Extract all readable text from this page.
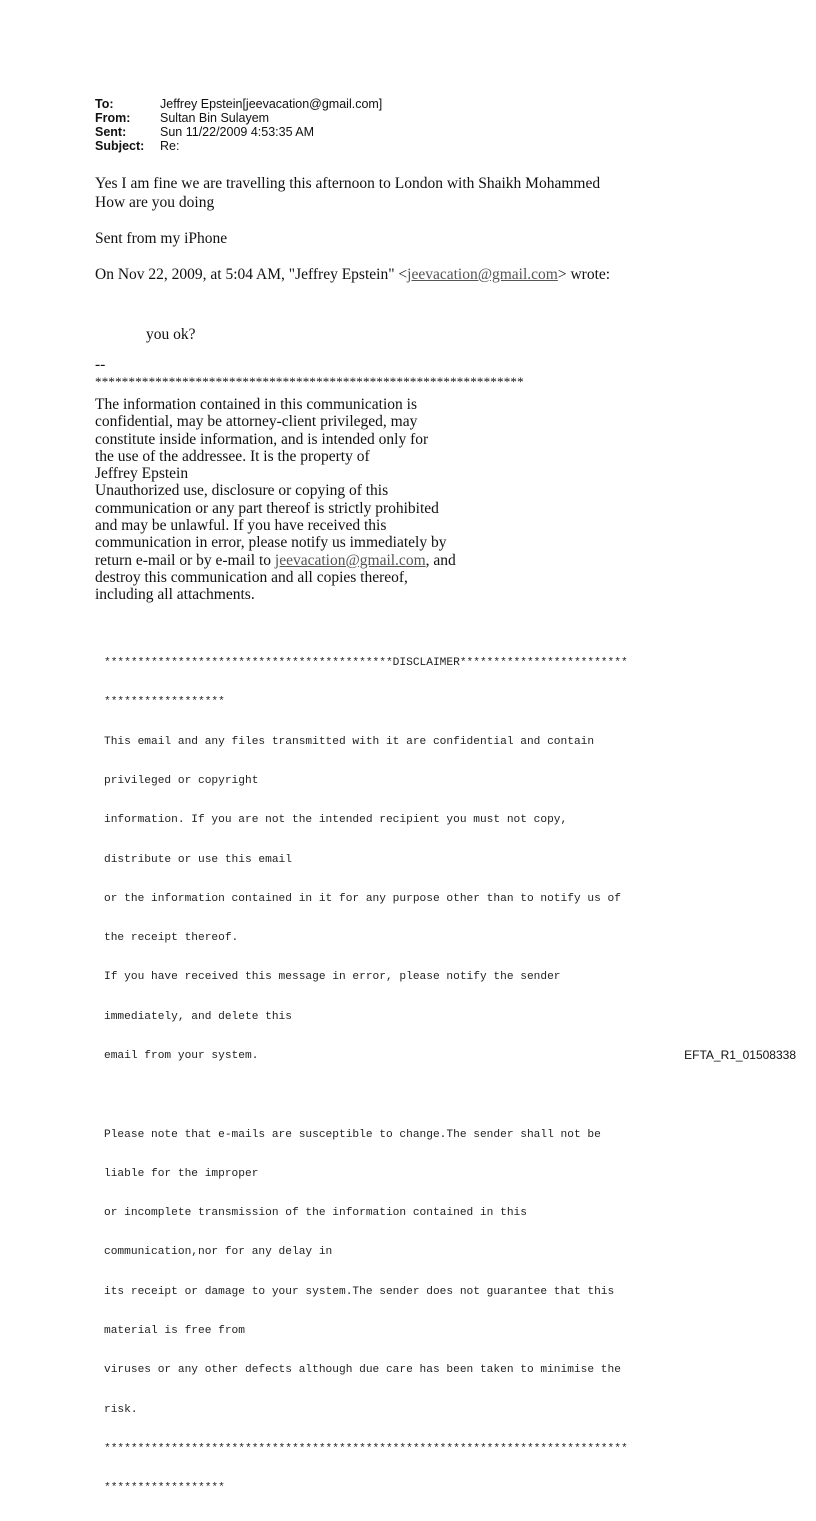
To:	Jeffrey Epstein[jeevacation@gmail.com]
From:	Sultan Bin Sulayem
Sent:	Sun 11/22/2009 4:53:35 AM
Subject:	Re:
Yes I am fine we are travelling this afternoon to London with Shaikh Mohammed
How are you doing
Sent from my iPhone
On Nov 22, 2009, at 5:04 AM, "Jeffrey Epstein" <jeevacation@gmail.com> wrote:
you ok?
--
****************************************************************
The information contained in this communication is
confidential, may be attorney-client privileged, may
constitute inside information, and is intended only for
the use of the addressee. It is the property of
Jeffrey Epstein
Unauthorized use, disclosure or copying of this
communication or any part thereof is strictly prohibited
and may be unlawful. If you have received this
communication in error, please notify us immediately by
return e-mail or by e-mail to jeevacation@gmail.com, and
destroy this communication and all copies thereof,
including all attachments.

*******************************************DISCLAIMER*************************

******************

This email and any files transmitted with it are confidential and contain

privileged or copyright

information. If you are not the intended recipient you must not copy,

distribute or use this email

or the information contained in it for any purpose other than to notify us of

the receipt thereof.

If you have received this message in error, please notify the sender

immediately, and delete this

email from your system.

Please note that e-mails are susceptible to change.The sender shall not be

liable for the improper

or incomplete transmission of the information contained in this

communication,nor for any delay in

its receipt or damage to your system.The sender does not guarantee that this

material is free from

viruses or any other defects although due care has been taken to minimise the

risk.

******************************************************************************

******************

EFTA_R1_01508338
